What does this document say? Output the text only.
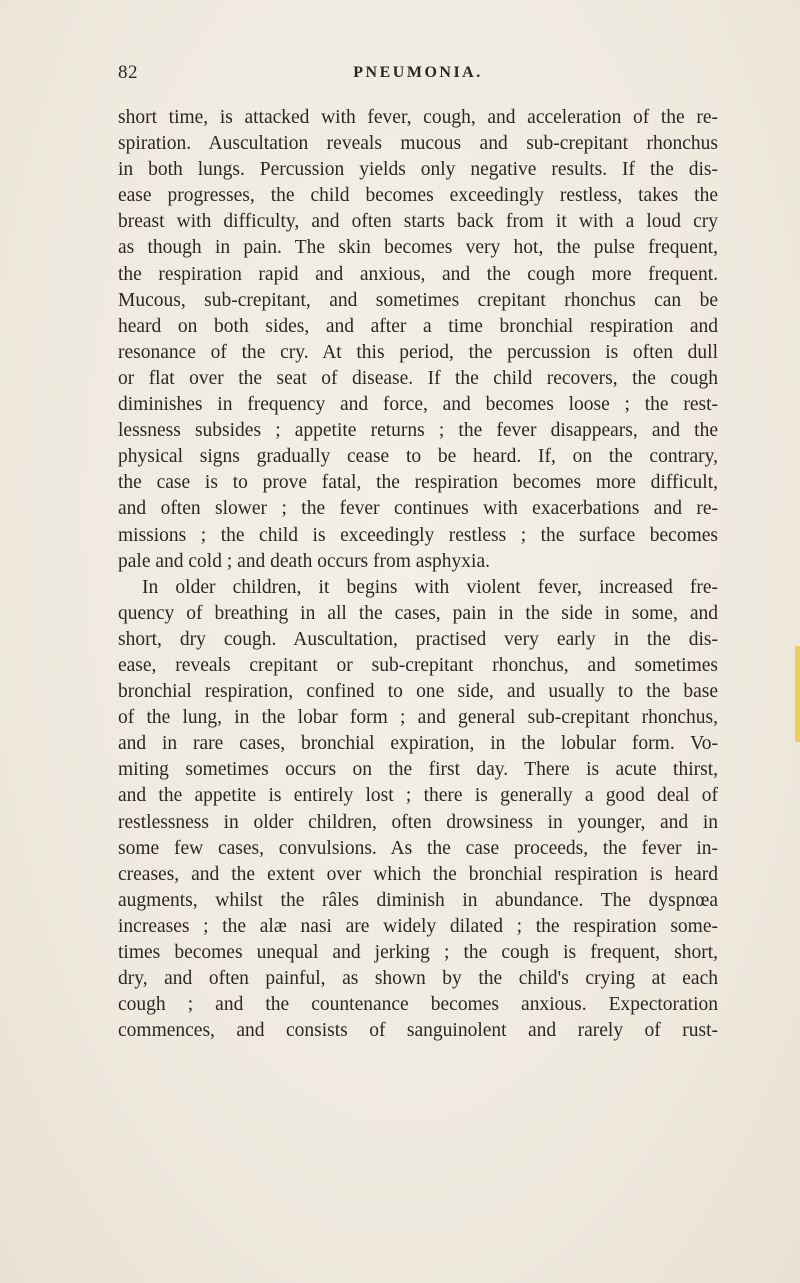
82	PNEUMONIA.
short time, is attacked with fever, cough, and acceleration of the re-
spiration. Auscultation reveals mucous and sub-crepitant rhonchus
in both lungs. Percussion yields only negative results. If the dis-
ease progresses, the child becomes exceedingly restless, takes the
breast with difficulty, and often starts back from it with a loud cry
as though in pain. The skin becomes very hot, the pulse frequent,
the respiration rapid and anxious, and the cough more frequent.
Mucous, sub-crepitant, and sometimes crepitant rhonchus can be
heard on both sides, and after a time bronchial respiration and
resonance of the cry. At this period, the percussion is often dull
or flat over the seat of disease. If the child recovers, the cough
diminishes in frequency and force, and becomes loose ; the rest-
lessness subsides ; appetite returns ; the fever disappears, and the
physical signs gradually cease to be heard. If, on the contrary,
the case is to prove fatal, the respiration becomes more difficult,
and often slower ; the fever continues with exacerbations and re-
missions ; the child is exceedingly restless ; the surface becomes
pale and cold ; and death occurs from asphyxia.
In older children, it begins with violent fever, increased fre-
quency of breathing in all the cases, pain in the side in some, and
short, dry cough. Auscultation, practised very early in the dis-
ease, reveals crepitant or sub-crepitant rhonchus, and sometimes
bronchial respiration, confined to one side, and usually to the base
of the lung, in the lobar form ; and general sub-crepitant rhonchus,
and in rare cases, bronchial expiration, in the lobular form. Vo-
miting sometimes occurs on the first day. There is acute thirst,
and the appetite is entirely lost ; there is generally a good deal of
restlessness in older children, often drowsiness in younger, and in
some few cases, convulsions. As the case proceeds, the fever in-
creases, and the extent over which the bronchial respiration is heard
augments, whilst the râles diminish in abundance. The dyspnœa
increases ; the alæ nasi are widely dilated ; the respiration some-
times becomes unequal and jerking ; the cough is frequent, short,
dry, and often painful, as shown by the child's crying at each
cough ; and the countenance becomes anxious. Expectoration
commences, and consists of sanguinolent and rarely of rust-
